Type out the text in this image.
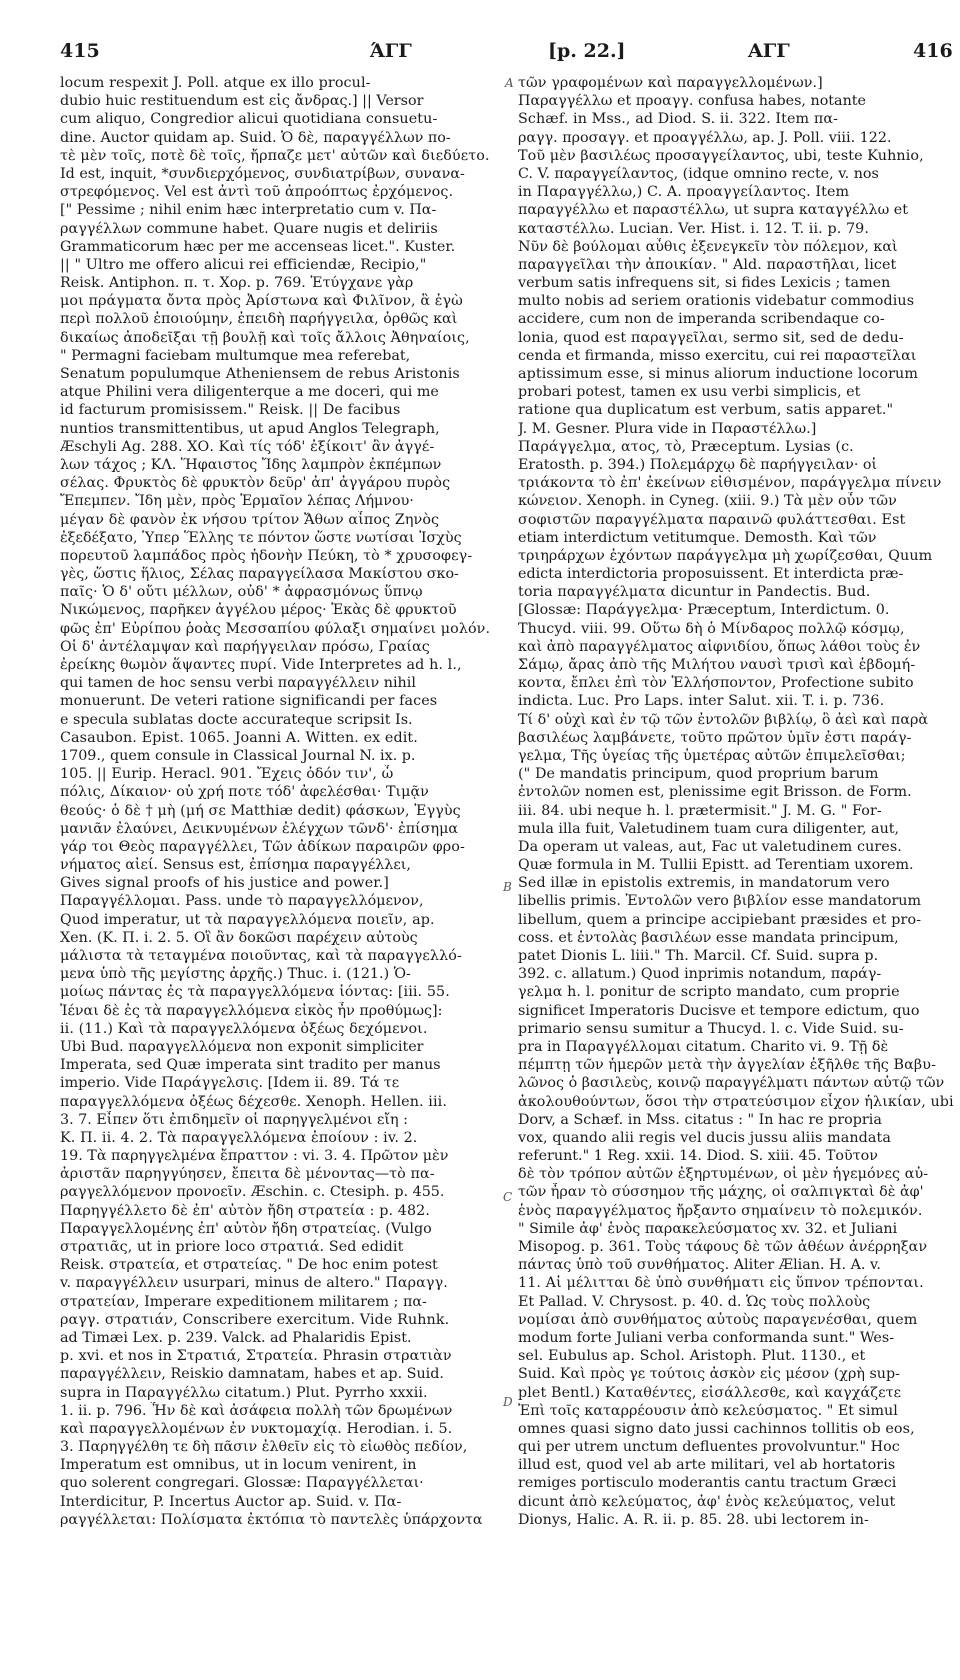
415	ΆΓΓ	[p. 22.]	ΑΓΓ	416
locum respexit J. Poll. atque ex illo procul-
dubio huic restituendum est εἰς ἄνδρας.] || Versor
cum aliquo, Congredior alicui quotidiana consuetu-
dine. Auctor quidam ap. Suid. Ὁ δὲ, παραγγέλλων πο-
τὲ μὲν τοῖς, ποτὲ δὲ τοῖς, ἤρπαζε μετ' αὐτῶν καὶ διεδύετο.
Id est, inquit, *συνδιερχόμενος, συνδιατρίβων, συνανα-
στρεφόμενος. Vel est ἀντὶ τοῦ ἀπροόπτως ἐρχόμενος.
[" Pessime ; nihil enim hæc interpretatio cum v. Πα-
ραγγέλλων commune habet. Quare nugis et deliriis
Grammaticorum hæc per me accenseas licet.". Kuster.
|| " Ultro me offero alicui rei efficiendæ, Recipio,"
Reisk. Antiphon. π. τ. Χορ. p. 769. Ἐτύγχανε γὰρ
μοι πράγματα ὄντα πρὸς Ἀρίστωνα καὶ Φιλῖνον, ἃ ἐγὼ
περὶ πολλοῦ ἐποιούμην, ἐπειδὴ παρήγγειλα, ὀρθῶς καὶ
δικαίως ἀποδεῖξαι τῇ βουλῇ καὶ τοῖς ἄλλοις Ἀθηναίοις,
" Permagni faciebam multumque mea referebat,
Senatum populumque Atheniensem de rebus Aristonis
atque Philini vera diligenterque a me doceri, qui me
id facturum promisissem." Reisk. || De facibus
nuntios transmittentibus, ut apud Anglos Telegraph,
Æschyli Ag. 288. ΧΟ. Καὶ τίς τόδ' ἐξίκοιτ' ἂν ἀγγέ-
λων τάχος ; ΚΛ. Ἥφαιστος Ἴδης λαμπρὸν ἐκπέμπων
σέλας. Φρυκτὸς δὲ φρυκτὸν δεῦρ' ἀπ' ἀγγάρου πυρὸς
Ἔπεμπεν. Ἴδη μὲν, πρὸς Ἑρμαῖον λέπας Λήμνου·
μέγαν δὲ φανὸν ἐκ νήσου τρίτον Ἄθων αἶπος Ζηνὸς
ἐξεδέξατο, Ὑπερ Ἕλλης τε πόντον ὥστε νωτίσαι Ἰσχὺς
πορευτοῦ λαμπάδος πρὸς ἡδονὴν Πεύκη, τὸ * χρυσοφεγ-
γὲς, ὥστις ἥλιος, Σέλας παραγγείλασα Μακίστου σκο-
παῖς· Ὁ δ' οὔτι μέλλων, οὐδ' * ἀφρασμόνως ὕπνῳ
Νικώμενος, παρῆκεν ἀγγέλου μέρος· Ἑκὰς δὲ φρυκτοῦ
φῶς ἐπ' Εὐρίπου ῥοὰς Μεσσαπίου φύλαξι σημαίνει μολόν.
Οἱ δ' ἀντέλαμψαν καὶ παρήγγειλαν πρόσω, Γραίας
ἐρείκης θωμὸν ἅψαντες πυρί. Vide Interpretes ad h. l.,
qui tamen de hoc sensu verbi παραγγέλλειν nihil
monuerunt. De veteri ratione significandi per faces
e specula sublatas docte accurateque scripsit Is.
Casaubon. Epist. 1065. Joanni A. Witten. ex edit.
1709., quem consule in Classical Journal N. ix. p.
105. || Eurip. Heracl. 901. Ἔχεις ὁδόν τιν', ὦ
πόλις, Δίκαιον· οὐ χρή ποτε τόδ' ἀφελέσθαι· Τιμᾷν
θεούς· ὁ δὲ † μὴ (μή σε Matthiæ dedit) φάσκων, Ἐγγὺς
μανιᾶν ἐλαύνει, Δεικνυμένων ἐλέγχων τῶνδ'· ἐπίσημα
γάρ τοι Θεὸς παραγγέλλει, Τῶν ἀδίκων παραιρῶν φρο-
νήματος αἰεί. Sensus est, ἐπίσημα παραγγέλλει,
Gives signal proofs of his justice and power.]
Παραγγέλλομαι. Pass. unde τὸ παραγγελλόμενον,
Quod imperatur, ut τὰ παραγγελλόμενα ποιεῖν, ap.
Xen. (Κ. Π. i. 2. 5. Οἳ ἂν δοκῶσι παρέχειν αὐτοὺς
μάλιστα τὰ τεταγμένα ποιοῦντας, καὶ τὰ παραγγελλό-
μενα ὑπὸ τῆς μεγίστης ἀρχῆς.) Thuc. i. (121.) Ὁ-
μοίως πάντας ἐς τὰ παραγγελλόμενα ἰόντας: [iii. 55.
Ἰέναι δὲ ἐς τὰ παραγγελλόμενα εἰκὸς ἦν προθύμως]:
ii. (11.) Καὶ τὰ παραγγελλόμενα ὀξέως δεχόμενοι.
Ubi Bud. παραγγελλόμενα non exponit simpliciter
Imperata, sed Quæ imperata sint tradito per manus
imperio. Vide Παράγγελσις. [Idem ii. 89. Τά τε
παραγγελλόμενα ὀξέως δέχεσθε. Xenoph. Hellen. iii.
3. 7. Εἶπεν ὅτι ἐπιδημεῖν οἱ παρηγγελμένοι εἴη :
Κ. Π. ii. 4. 2. Τὰ παραγγελλόμενα ἐποίουν : iv. 2.
19. Τὰ παρηγγελμένα ἔπραττον : vi. 3. 4. Πρῶτον μὲν
ἀριστᾶν παρηγγύησεν, ἔπειτα δὲ μένοντας—τὸ πα-
ραγγελλόμενον προνοεῖν. Æschin. c. Ctesiph. p. 455.
Παρηγγέλλετο δὲ ἐπ' αὐτὸν ἤδη στρατεία : p. 482.
Παραγγελλομένης ἐπ' αὐτὸν ἤδη στρατείας. (Vulgo
στρατιᾶς, ut in priore loco στρατιά. Sed edidit
Reisk. στρατεία, et στρατείας. " De hoc enim potest
v. παραγγέλλειν usurpari, minus de altero." Παραγγ.
στρατείαν, Imperare expeditionem militarem ; πα-
ραγγ. στρατιάν, Conscribere exercitum. Vide Ruhnk.
ad Timæi Lex. p. 239. Valck. ad Phalaridis Epist.
p. xvi. et nos in Στρατιά, Στρατεία. Phrasin στρατιὰν
παραγγέλλειν, Reiskio damnatam, habes et ap. Suid.
supra in Παραγγέλλω citatum.) Plut. Pyrrho xxxii.
1. ii. p. 796. Ἦν δὲ καὶ ἀσάφεια πολλὴ τῶν δρωμένων
καὶ παραγγελλομένων ἐν νυκτομαχίᾳ. Herodian. i. 5.
3. Παρηγγέλθη τε δὴ πᾶσιν ἐλθεῖν εἰς τὸ εἰωθὸς πεδίον,
Imperatum est omnibus, ut in locum venirent, in
quo solerent congregari. Glossæ: Παραγγέλλεται·
Interdicitur, P. Incertus Auctor ap. Suid. v. Πα-
ραγγέλλεται: Πολίσματα ἐκτόπια τὸ παντελὲς ὑπάρχοντα
τῶν γραφομένων καὶ παραγγελλομένων.]
Παραγγέλλω et προαγγ. confusa habes, notante
Schæf. in Mss., ad Diod. S. ii. 322. Item πα-
ραγγ. προσαγγ. et προαγγέλλω, ap. J. Poll. viii. 122.
Τοῦ μὲν βασιλέως προσαγγείλαντος, ubi, teste Kuhnio,
C. V. παραγγείλαντος, (idque omnino recte, v. nos
in Παραγγέλλω,) C. A. προαγγείλαντος. Item
παραγγέλλω et παραστέλλω, ut supra καταγγέλλω et
καταστέλλω. Lucian. Ver. Hist. i. 12. T. ii. p. 79.
Νῦν δὲ βούλομαι αὖθις ἐξενεγκεῖν τὸν πόλεμον, καὶ
παραγγεῖλαι τὴν ἀποικίαν. " Ald. παραστῆλαι, licet
verbum satis infrequens sit, si fides Lexicis ; tamen
multo nobis ad seriem orationis videbatur commodius
accidere, cum non de imperanda scribendaque co-
lonia, quod est παραγγεῖλαι, sermo sit, sed de dedu-
cenda et firmanda, misso exercitu, cui rei παραστεῖλαι
aptissimum esse, si minus aliorum inductione locorum
probari potest, tamen ex usu verbi simplicis, et
ratione qua duplicatum est verbum, satis apparet."
J. M. Gesner. Plura vide in Παραστέλλω.]
Παράγγελμα, ατος, τὸ, Præceptum. Lysias (c.
Eratosth. p. 394.) Πολεμάρχῳ δὲ παρήγγειλαν· οἱ
τριάκοντα τὸ ἐπ' ἐκείνων εἰθισμένον, παράγγελμα πίνειν
κώνειον. Xenoph. in Cyneg. (xiii. 9.) Τὰ μὲν οὖν τῶν
σοφιστῶν παραγγέλματα παραινῶ φυλάττεσθαι. Est
etiam interdictum vetitumque. Demosth. Καὶ τῶν
τριηράρχων ἐχόντων παράγγελμα μὴ χωρίζεσθαι, Quum
edicta interdictoria proposuissent. Et interdicta præ-
toria παραγγέλματα dicuntur in Pandectis. Bud.
[Glossæ: Παράγγελμα· Præceptum, Interdictum. 0.
Thucyd. viii. 99. Οὕτω δὴ ὁ Μίνδαρος πολλῷ κόσμῳ,
καὶ ἀπὸ παραγγέλματος αἰφνιδίου, ὅπως λάθοι τοὺς ἐν
Σάμῳ, ἄρας ἀπὸ τῆς Μιλήτου ναυσὶ τρισὶ καὶ ἑβδομή-
κοντα, ἔπλει ἐπὶ τὸν Ἑλλήσποντον, Profectione subito
indicta. Luc. Pro Laps. inter Salut. xii. T. i. p. 736.
Τί δ' οὐχὶ καὶ ἐν τῷ τῶν ἐντολῶν βιβλίῳ, ὃ ἀεὶ καὶ παρὰ
βασιλέως λαμβάνετε, τοῦτο πρῶτον ὑμῖν ἐστι παράγ-
γελμα, Τῆς ὑγείας τῆς ὑμετέρας αὐτῶν ἐπιμελεῖσθαι;
(" De mandatis principum, quod proprium barum
ἐντολῶν nomen est, plenissime egit Brisson. de Form.
iii. 84. ubi neque h. l. prætermisit." J. M. G. " For-
mula illa fuit, Valetudinem tuam cura diligenter, aut,
Da operam ut valeas, aut, Fac ut valetudinem cures.
Quæ formula in M. Tullii Epistt. ad Terentiam uxorem.
Sed illæ in epistolis extremis, in mandatorum vero
libellis primis. Ἐντολῶν vero βιβλίον esse mandatorum
libellum, quem a principe accipiebant præsides et pro-
coss. et ἐντολὰς βασιλέων esse mandata principum,
patet Dionis L. liii." Th. Marcil. Cf. Suid. supra p.
392. c. allatum.) Quod inprimis notandum, παράγ-
γελμα h. l. ponitur de scripto mandato, cum proprie
significet Imperatoris Ducisve et tempore edictum, quo
primario sensu sumitur a Thucyd. l. c. Vide Suid. su-
pra in Παραγγέλλομαι citatum. Charito vi. 9. Τῇ δὲ
πέμπτῃ τῶν ἡμερῶν μετὰ τὴν ἀγγελίαν ἐξῆλθε τῆς Βαβυ-
λῶνος ὁ βασιλεὺς, κοινῷ παραγγέλματι πάντων αὐτῷ τῶν
ἀκολουθούντων, ὅσοι τὴν στρατεύσιμον εἶχον ἡλικίαν, ubi
Dorv, a Schæf. in Mss. citatus : " In hac re propria
vox, quando alii regis vel ducis jussu aliis mandata
referunt." 1 Reg. xxii. 14. Diod. S. xiii. 45. Τοῦτον
δὲ τὸν τρόπον αὐτῶν ἐξηρτυμένων, οἱ μὲν ἡγεμόνες αὐ-
τῶν ἦραν τὸ σύσσημον τῆς μάχης, οἱ σαλπιγκταὶ δὲ ἀφ'
ἑνὸς παραγγέλματος ἤρξαντο σημαίνειν τὸ πολεμικόν.
" Simile ἀφ' ἑνὸς παρακελεύσματος xv. 32. et Juliani
Misopog. p. 361. Τοὺς τάφους δὲ τῶν ἀθέων ἀνέρρηξαν
πάντας ὑπὸ τοῦ συνθήματος. Aliter Ælian. H. A. v.
11. Αἱ μέλιτται δὲ ὑπὸ συνθήματι εἰς ὕπνον τρέπονται.
Et Pallad. V. Chrysost. p. 40. d. Ὡς τοὺς πολλοὺς
νομίσαι ἀπὸ συνθήματος αὐτοὺς παραγενέσθαι, quem
modum forte Juliani verba conformanda sunt." Wes-
sel. Eubulus ap. Schol. Aristoph. Plut. 1130., et
Suid. Καὶ πρὸς γε τούτοις ἀσκὸν εἰς μέσον (χρὴ sup-
plet Bentl.) Καταθέντες, εἰσάλλεσθε, καὶ καγχάζετε
Ἐπὶ τοῖς καταρρέουσιν ἀπὸ κελεύσματος. " Et simul
omnes quasi signo dato jussi cachinnos tollitis ob eos,
qui per utrem unctum defluentes provolvuntur." Hoc
illud est, quod vel ab arte militari, vel ab hortatoris
remiges portisculo moderantis cantu tractum Græci
dicunt ἀπὸ κελεύματος, ἀφ' ἑνὸς κελεύματος, velut
Dionys, Halic. A. R. ii. p. 85. 28. ubi lectorem in-
A
B
C
D
